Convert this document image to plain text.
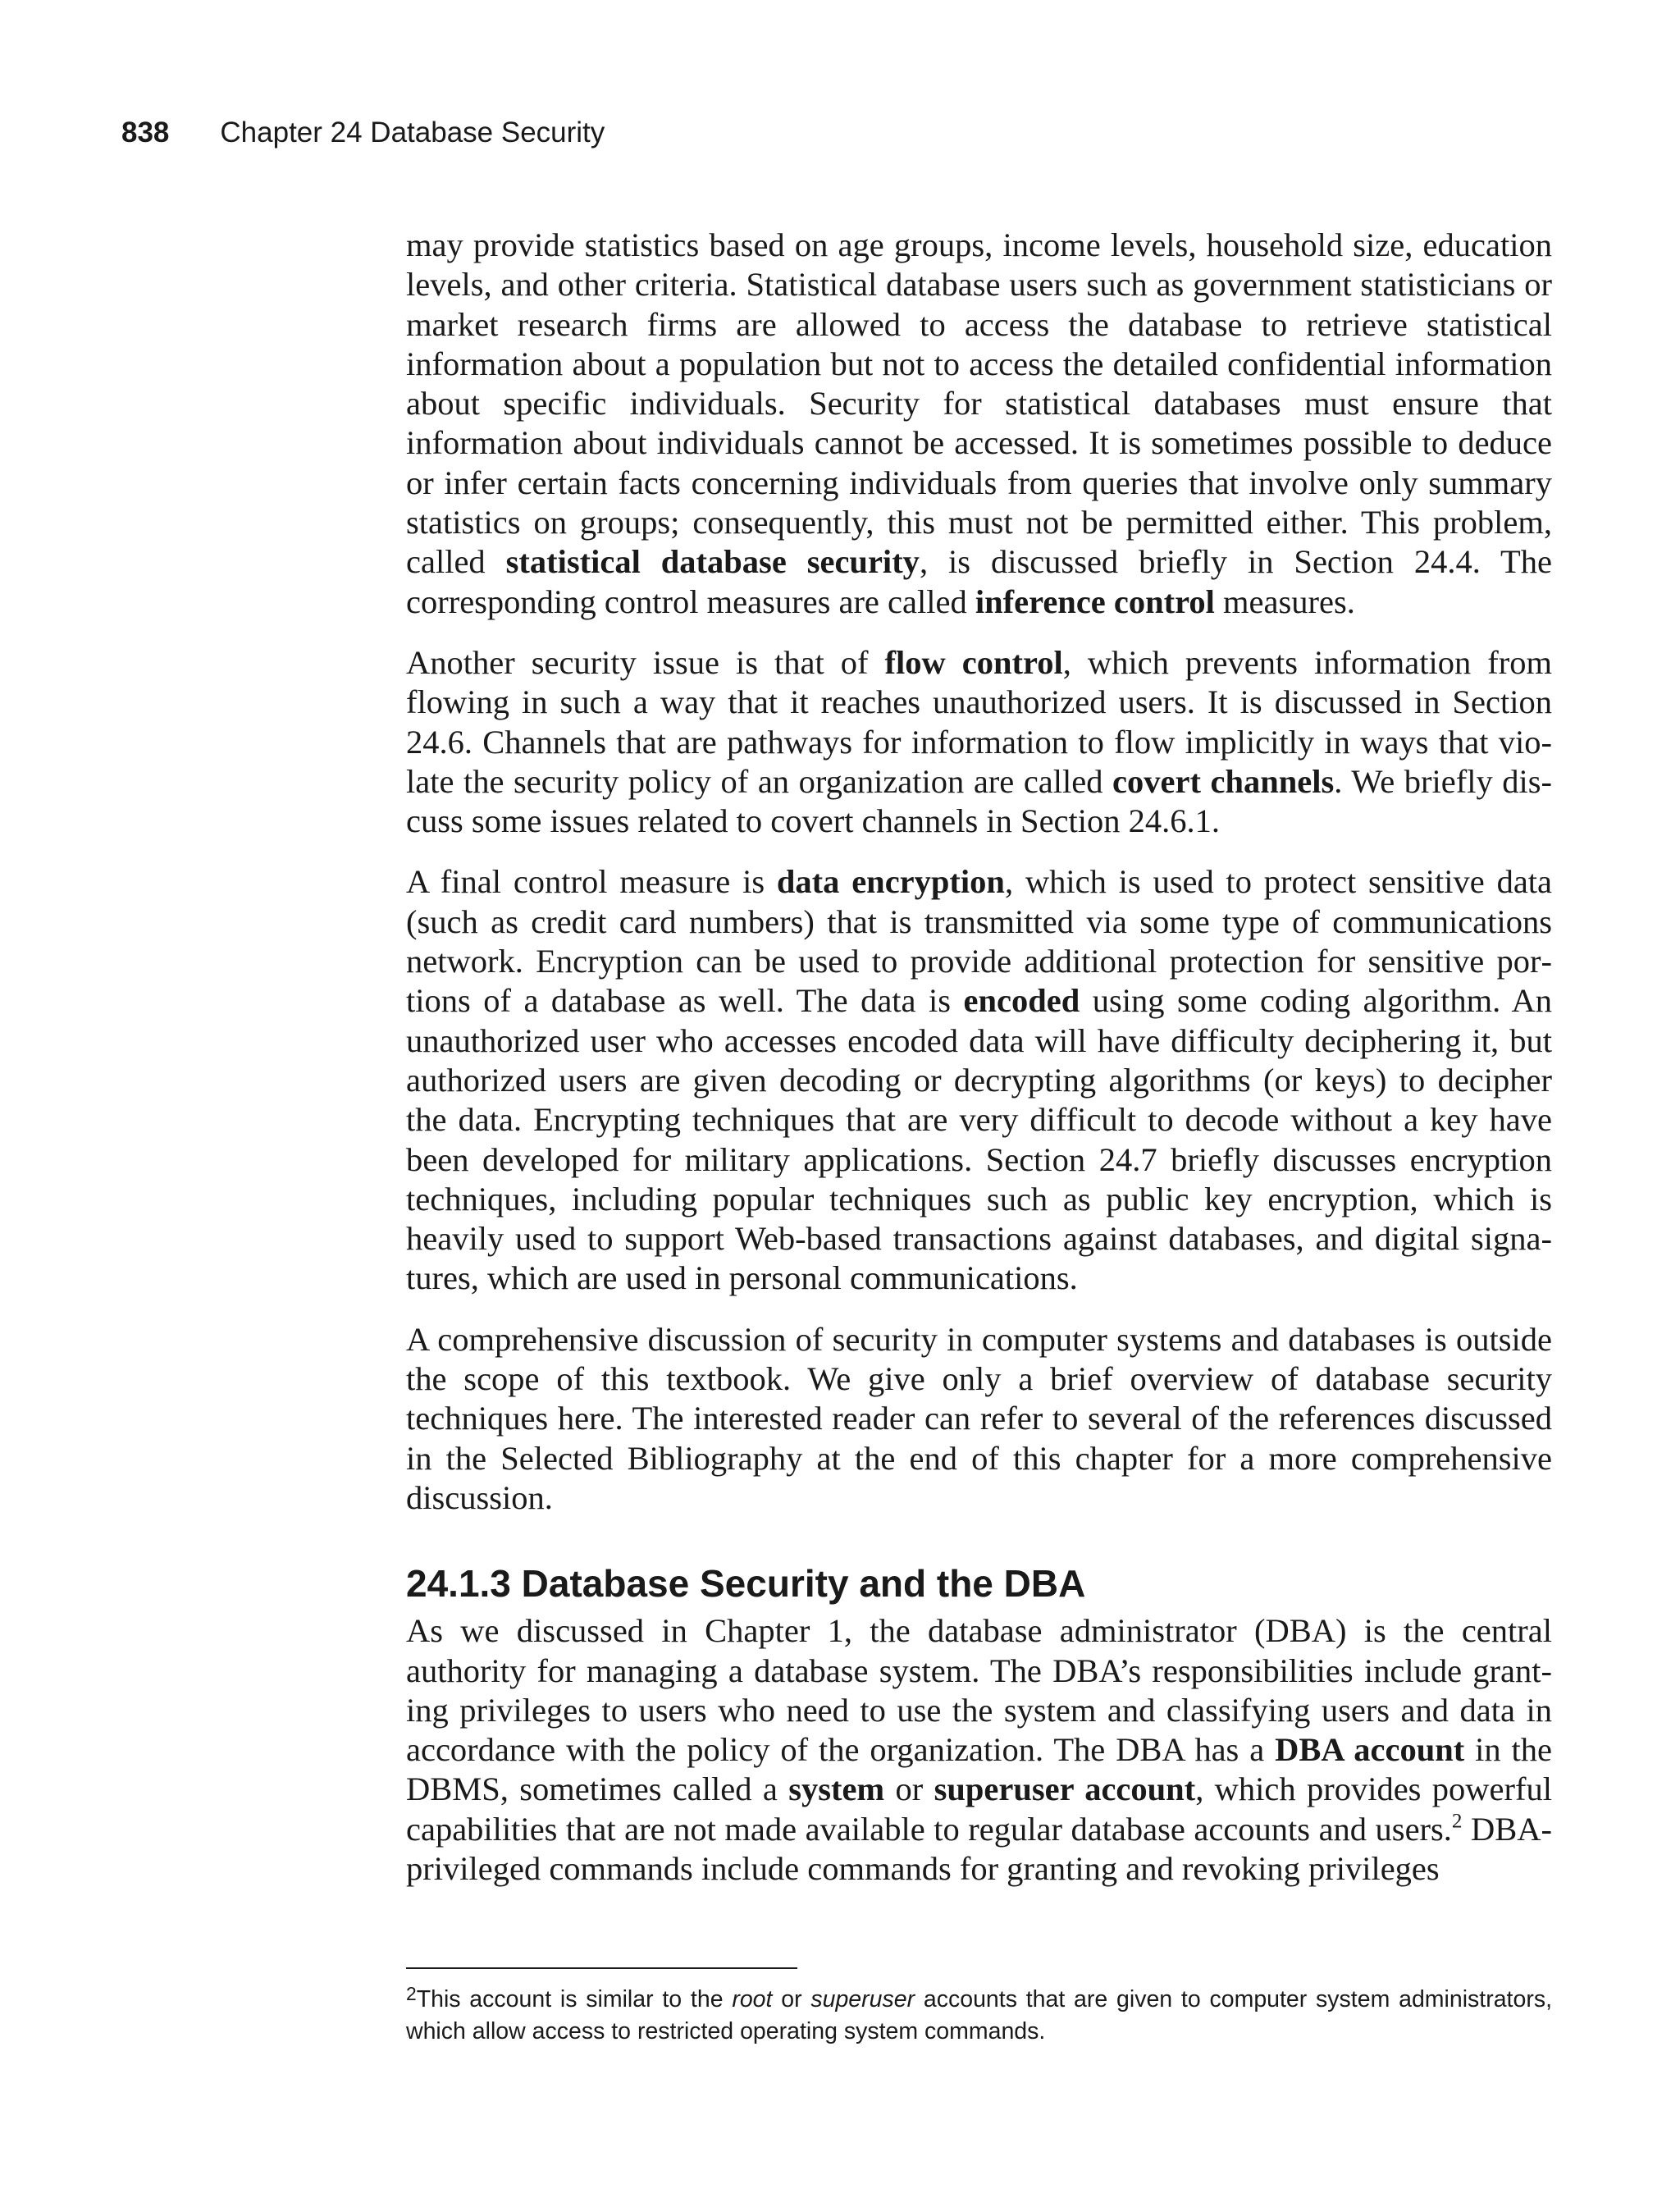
838 Chapter 24 Database Security

may provide statistics based on age groups, income levels, household size, education levels, and other criteria. Statistical database users such as government statisticians or market research firms are allowed to access the database to retrieve statistical information about a population but not to access the detailed confidential information about specific individuals. Security for statistical databases must ensure that information about individuals cannot be accessed. It is sometimes possible to deduce or infer certain facts concerning individuals from queries that involve only summary statistics on groups; consequently, this must not be permitted either. This problem, called statistical database security, is discussed briefly in Section 24.4. The corresponding control measures are called inference control measures.

Another security issue is that of flow control, which prevents information from flowing in such a way that it reaches unauthorized users. It is discussed in Section 24.6. Channels that are pathways for information to flow implicitly in ways that violate the security policy of an organization are called covert channels. We briefly discuss some issues related to covert channels in Section 24.6.1.

A final control measure is data encryption, which is used to protect sensitive data (such as credit card numbers) that is transmitted via some type of communications network. Encryption can be used to provide additional protection for sensitive portions of a database as well. The data is encoded using some coding algorithm. An unauthorized user who accesses encoded data will have difficulty deciphering it, but authorized users are given decoding or decrypting algorithms (or keys) to decipher the data. Encrypting techniques that are very difficult to decode without a key have been developed for military applications. Section 24.7 briefly discusses encryption techniques, including popular techniques such as public key encryption, which is heavily used to support Web-based transactions against databases, and digital signatures, which are used in personal communications.

A comprehensive discussion of security in computer systems and databases is outside the scope of this textbook. We give only a brief overview of database security techniques here. The interested reader can refer to several of the references discussed in the Selected Bibliography at the end of this chapter for a more comprehensive discussion.

24.1.3 Database Security and the DBA

As we discussed in Chapter 1, the database administrator (DBA) is the central authority for managing a database system. The DBA’s responsibilities include granting privileges to users who need to use the system and classifying users and data in accordance with the policy of the organization. The DBA has a DBA account in the DBMS, sometimes called a system or superuser account, which provides powerful capabilities that are not made available to regular database accounts and users.$^2$ DBA-privileged commands include commands for granting and revoking privileges

$^2$This account is similar to the root or superuser accounts that are given to computer system administrators, which allow access to restricted operating system commands.
